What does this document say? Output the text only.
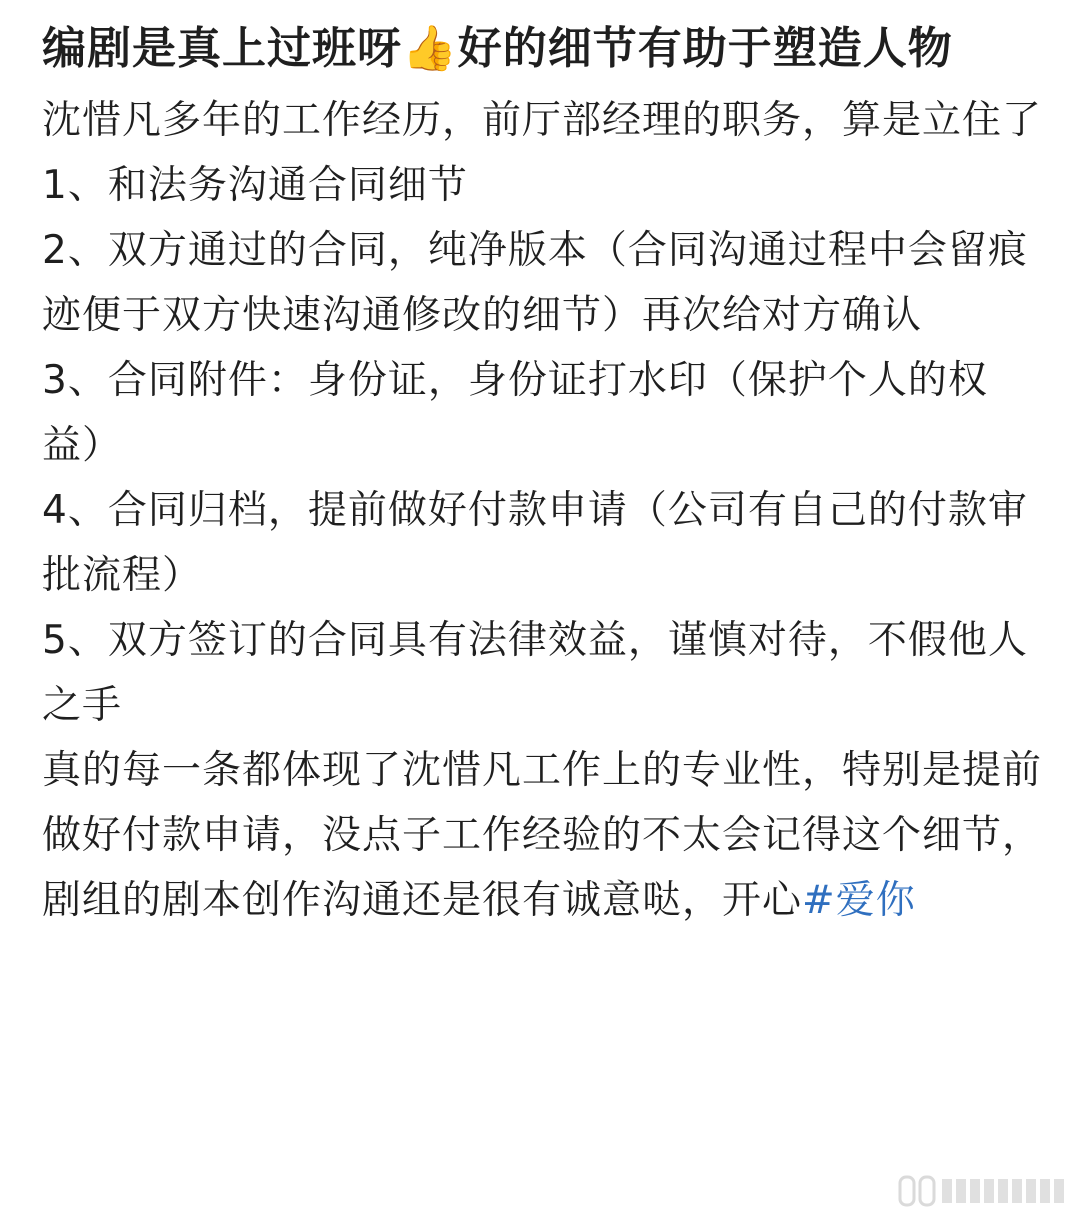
编剧是真上过班呀👍好的细节有助于塑造人物

沈惜凡多年的工作经历，前厅部经理的职务，算是立住了

1、和法务沟通合同细节

2、双方通过的合同，纯净版本（合同沟通过程中会留痕迹便于双方快速沟通修改的细节）再次给对方确认

3、合同附件：身份证，身份证打水印（保护个人的权益）

4、合同归档，提前做好付款申请（公司有自己的付款审批流程）

5、双方签订的合同具有法律效益，谨慎对待，不假他人之手

真的每一条都体现了沈惜凡工作上的专业性，特别是提前做好付款申请，没点子工作经验的不太会记得这个细节，剧组的剧本创作沟通还是很有诚意哒，开心#爱你
